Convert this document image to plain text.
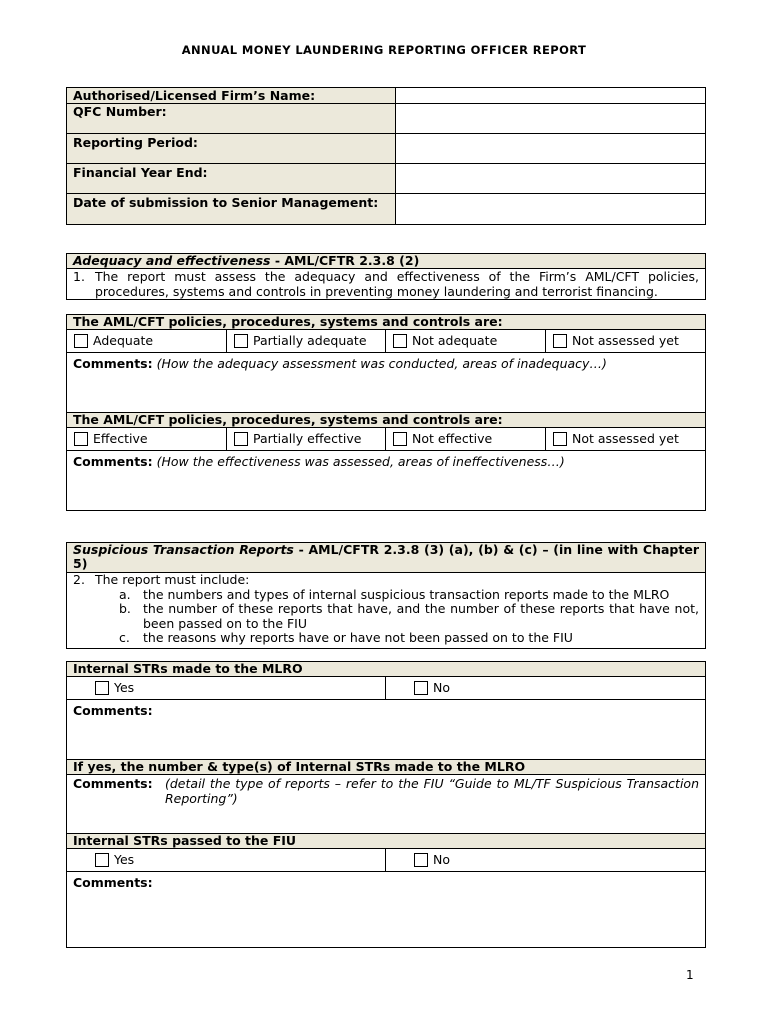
ANNUAL MONEY LAUNDERING REPORTING OFFICER REPORT
Authorised/Licensed Firm’s Name:
QFC Number:
Reporting Period:
Financial Year End:
Date of submission to Senior Management:
Adequacy and effectiveness - AML/CFTR 2.3.8 (2)
1. The report must assess the adequacy and effectiveness of the Firm’s AML/CFT policies, procedures, systems and controls in preventing money laundering and terrorist financing.
The AML/CFT policies, procedures, systems and controls are:
Adequate	Partially adequate	Not adequate	Not assessed yet
Comments: (How the adequacy assessment was conducted, areas of inadequacy…)
The AML/CFT policies, procedures, systems and controls are:
Effective	Partially effective	Not effective	Not assessed yet
Comments: (How the effectiveness was assessed, areas of ineffectiveness…)
Suspicious Transaction Reports - AML/CFTR 2.3.8 (3) (a), (b) & (c) – (in line with Chapter 5)
2. The report must include:
a. the numbers and types of internal suspicious transaction reports made to the MLRO
b. the number of these reports that have, and the number of these reports that have not, been passed on to the FIU
c.	the reasons why reports have or have not been passed on to the FIU
Internal STRs made to the MLRO
Yes	No
Comments:
If yes, the number & type(s) of Internal STRs made to the MLRO
Comments: (detail the type of reports – refer to the FIU “Guide to ML/TF Suspicious Transaction Reporting”)
Internal STRs passed to the FIU
Yes	No
Comments:
1
